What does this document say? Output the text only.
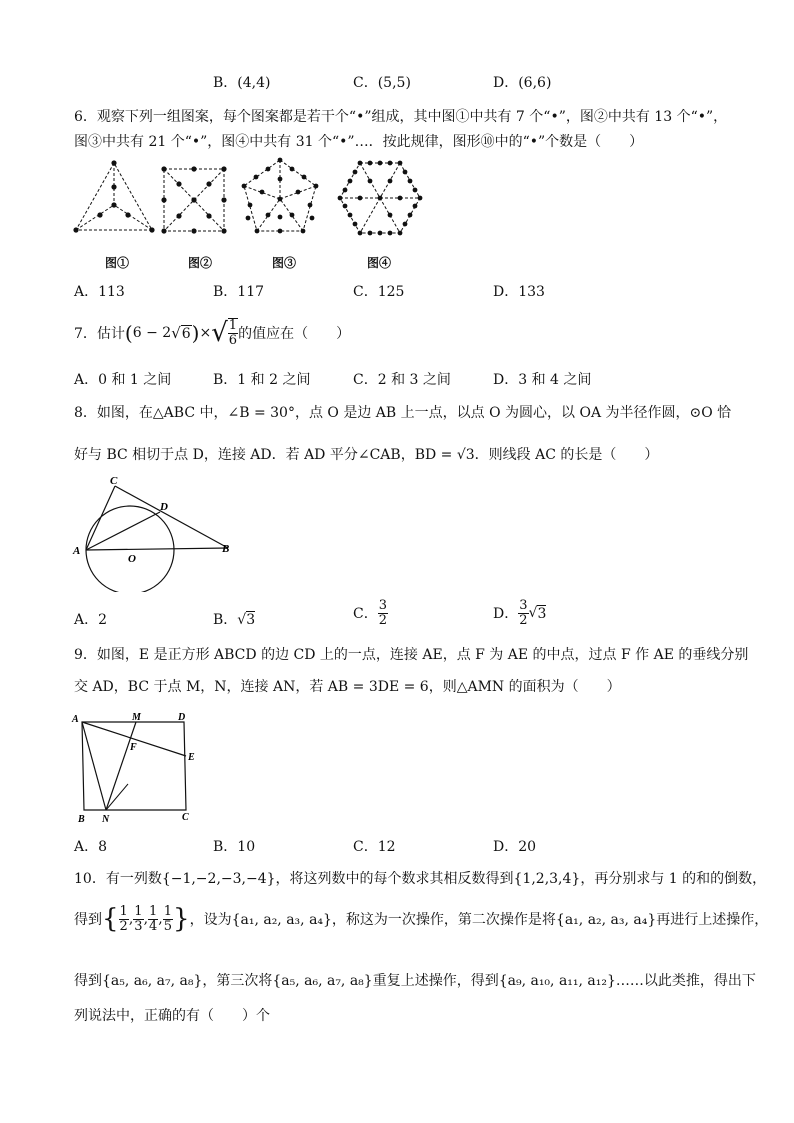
B．(4,4)	C．(5,5)	D．(6,6)
6．观察下列一组图案，每个图案都是若干个“•”组成，其中图①中共有 7 个“•”，图②中共有 13 个“•”，
图③中共有 21 个“•”，图④中共有 31 个“•”…．按此规律，图形⑩中的“•”个数是（　　）
图①	图②	图③	图④
A．113	B．117	C．125	D．133
7．估计 ( 6 − 2 √ 6 ) × √ $\frac{1}{6}$ 的值应在（　　）
A．0 和 1 之间	B．1 和 2 之间	C．2 和 3 之间	D．3 和 4 之间
8．如图，在△ABC 中，∠B = 30°，点 O 是边 AB 上一点，以点 O 为圆心，以 OA 为半径作圆，⊙O 恰
好与 BC 相切于点 D，连接 AD．若 AD 平分∠CAB，BD = √3．则线段 AC 的长是（　　）
C
D
A	B
O
A．2	B．√3	C． $\frac{3}{2}$	D． $\frac{3}{2}$ √ 3
9．如图，E 是正方形 ABCD 的边 CD 上的一点，连接 AE，点 F 为 AE 的中点，过点 F 作 AE 的垂线分别
交 AD，BC 于点 M，N，连接 AN，若 AB = 3DE = 6，则△AMN 的面积为（　　）
A	M	D
F
E
B N	C
A．8	B．10	C．12	D．20
10．有一列数{−1,−2,−3,−4}，将这列数中的每个数求其相反数得到{1,2,3,4}，再分别求与 1 的和的倒数，
得到 { $\frac{1}{2}$ , $\frac{1}{3}$ , $\frac{1}{4}$ , $\frac{1}{5}$ } ，设为{a₁, a₂, a₃, a₄}，称这为一次操作，第二次操作是将{a₁, a₂, a₃, a₄}再进行上述操作，
得到{a₅, a₆, a₇, a₈}，第三次将{a₅, a₆, a₇, a₈}重复上述操作，得到{a₉, a₁₀, a₁₁, a₁₂}……以此类推，得出下
列说法中，正确的有（　　）个
